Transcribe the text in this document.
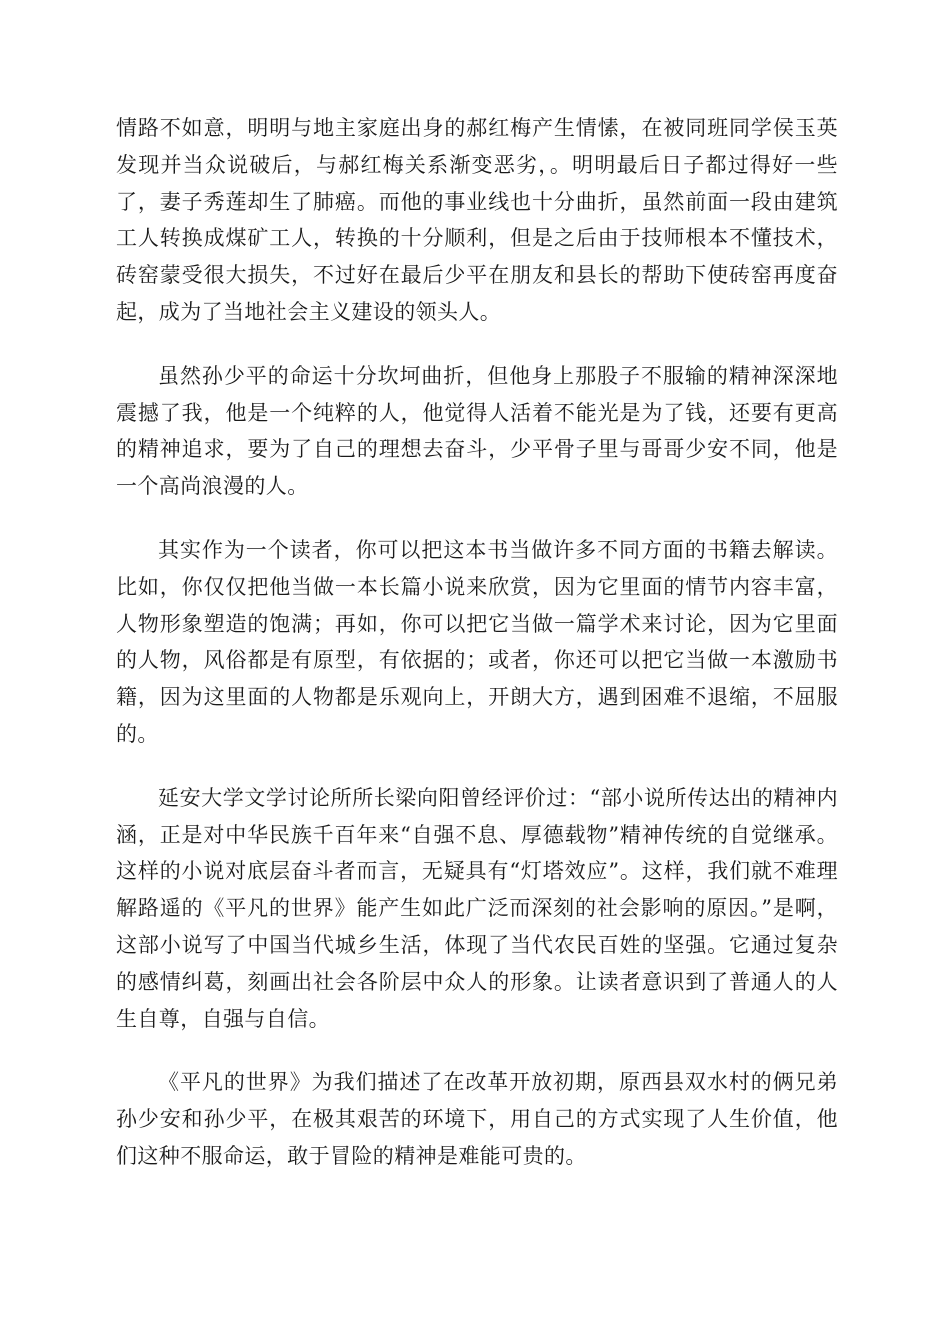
情路不如意，明明与地主家庭出身的郝红梅产生情愫，在被同班同学侯玉英发现并当众说破后，与郝红梅关系渐变恶劣，。明明最后日子都过得好一些了，妻子秀莲却生了肺癌。而他的事业线也十分曲折，虽然前面一段由建筑工人转换成煤矿工人，转换的十分顺利，但是之后由于技师根本不懂技术，砖窑蒙受很大损失，不过好在最后少平在朋友和县长的帮助下使砖窑再度奋起，成为了当地社会主义建设的领头人。

虽然孙少平的命运十分坎坷曲折，但他身上那股子不服输的精神深深地震撼了我，他是一个纯粹的人，他觉得人活着不能光是为了钱，还要有更高的精神追求，要为了自己的理想去奋斗，少平骨子里与哥哥少安不同，他是一个高尚浪漫的人。

其实作为一个读者，你可以把这本书当做许多不同方面的书籍去解读。比如，你仅仅把他当做一本长篇小说来欣赏，因为它里面的情节内容丰富，人物形象塑造的饱满；再如，你可以把它当做一篇学术来讨论，因为它里面的人物，风俗都是有原型，有依据的；或者，你还可以把它当做一本激励书籍，因为这里面的人物都是乐观向上，开朗大方，遇到困难不退缩，不屈服的。

延安大学文学讨论所所长梁向阳曾经评价过：“部小说所传达出的精神内涵，正是对中华民族千百年来“自强不息、厚德载物”精神传统的自觉继承。这样的小说对底层奋斗者而言，无疑具有“灯塔效应”。这样，我们就不难理解路遥的《平凡的世界》能产生如此广泛而深刻的社会影响的原因。”是啊，这部小说写了中国当代城乡生活，体现了当代农民百姓的坚强。它通过复杂的感情纠葛，刻画出社会各阶层中众人的形象。让读者意识到了普通人的人生自尊，自强与自信。

《平凡的世界》为我们描述了在改革开放初期，原西县双水村的俩兄弟孙少安和孙少平，在极其艰苦的环境下，用自己的方式实现了人生价值，他们这种不服命运，敢于冒险的精神是难能可贵的。
